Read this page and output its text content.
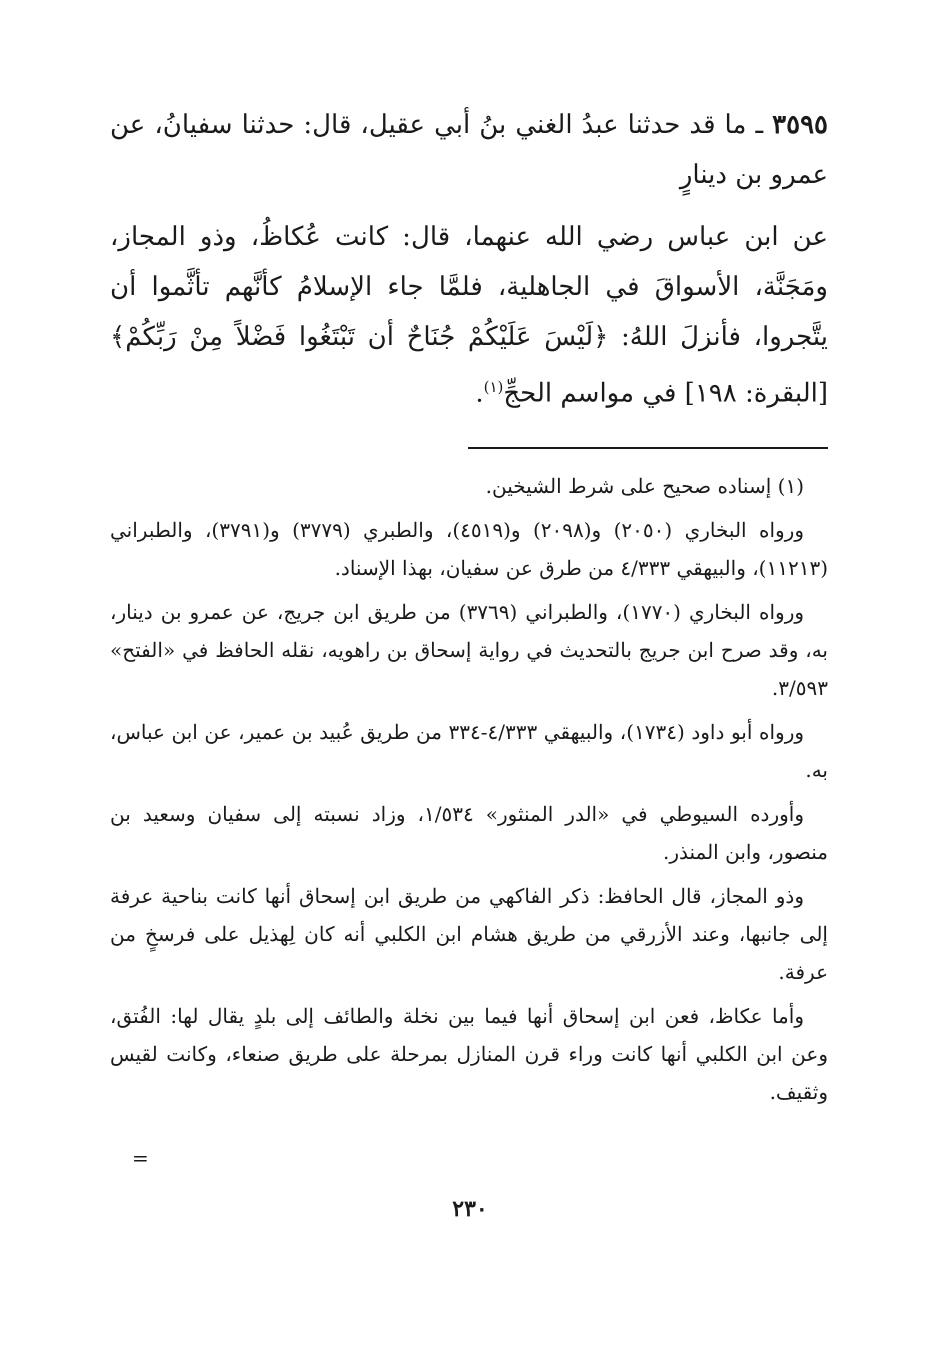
٣٥٩٥ ـ ما قد حدثنا عبدُ الغني بنُ أبي عقيل، قال: حدثنا سفيانُ، عن عمرو بن دينارٍ

عن ابن عباس رضي الله عنهما، قال: كانت عُكاظُ، وذو المجاز، ومَجَنَّة، الأسواقَ في الجاهلية، فلمَّا جاء الإسلامُ كأنَّهم تأثَّموا أن يتَّجروا، فأنزلَ اللهُ: ﴿لَيْسَ عَلَيْكُمْ جُنَاحٌ أن تَبْتَغُوا فَضْلاً مِنْ رَبِّكُمْ﴾ [البقرة: ١٩٨] في مواسم الحجِّ$^{(١)}$.

(١) إسناده صحيح على شرط الشيخين.

ورواه البخاري (٢٠٥٠) و(٢٠٩٨) و(٤٥١٩)، والطبري (٣٧٧٩) و(٣٧٩١)، والطبراني (١١٢١٣)، والبيهقي ٤/٣٣٣ من طرق عن سفيان، بهذا الإسناد.

ورواه البخاري (١٧٧٠)، والطبراني (٣٧٦٩) من طريق ابن جريج، عن عمرو بن دينار، به، وقد صرح ابن جريج بالتحديث في رواية إسحاق بن راهويه، نقله الحافظ في «الفتح» ٣/٥٩٣.

ورواه أبو داود (١٧٣٤)، والبيهقي ٤/٣٣٣-٣٣٤ من طريق عُبيد بن عمير، عن ابن عباس، به.

وأورده السيوطي في «الدر المنثور» ١/٥٣٤، وزاد نسبته إلى سفيان وسعيد بن منصور، وابن المنذر.

وذو المجاز، قال الحافظ: ذكر الفاكهي من طريق ابن إسحاق أنها كانت بناحية عرفة إلى جانبها، وعند الأزرقي من طريق هشام ابن الكلبي أنه كان لِهذيل على فرسخٍ من عرفة.

وأما عكاظ، فعن ابن إسحاق أنها فيما بين نخلة والطائف إلى بلدٍ يقال لها: الفُتق، وعن ابن الكلبي أنها كانت وراء قرن المنازل بمرحلة على طريق صنعاء، وكانت لقيس وثقيف.

=
٢٣٠
